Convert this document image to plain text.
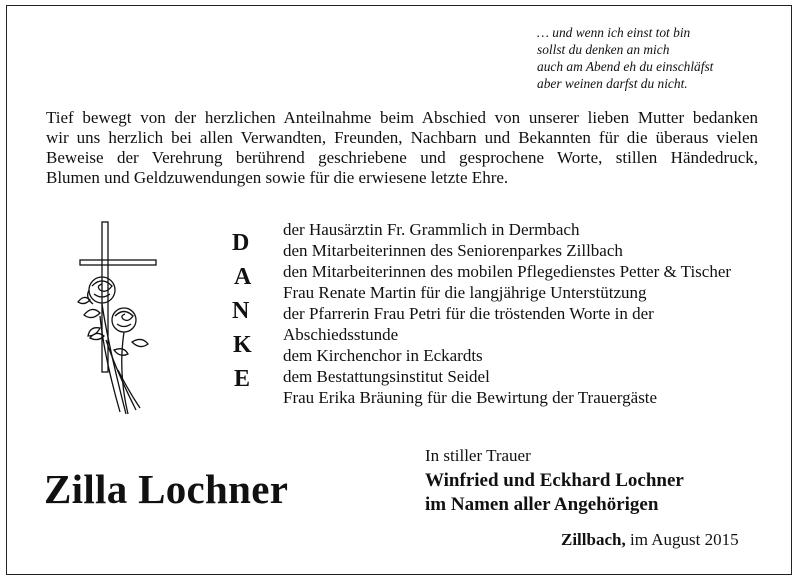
… und wenn ich einst tot bin
sollst du denken an mich
auch am Abend eh du einschläfst
aber weinen darfst du nicht.
Tief bewegt von der herzlichen Anteilnahme beim Abschied von unserer lieben Mutter bedanken
wir uns herzlich bei allen Verwandten, Freunden, Nachbarn und Bekannten für die überaus vielen
Beweise der Verehrung berührend geschriebene und gesprochene Worte, stillen Händedruck,
Blumen und Geldzuwendungen sowie für die erwiesene letzte Ehre.
D
A
N
K
E
der Hausärztin Fr. Grammlich in Dermbach
den Mitarbeiterinnen des Seniorenparkes Zillbach
den Mitarbeiterinnen des mobilen Pflegedienstes Petter & Tischer
Frau Renate Martin für die langjährige Unterstützung
der Pfarrerin Frau Petri für die tröstenden Worte in der
Abschiedsstunde
dem Kirchenchor in Eckardts
dem Bestattungsinstitut Seidel
Frau Erika Bräuning für die Bewirtung der Trauergäste
Zilla Lochner
In stiller Trauer
Winfried und Eckhard Lochner
im Namen aller Angehörigen
Zillbach, im August 2015
